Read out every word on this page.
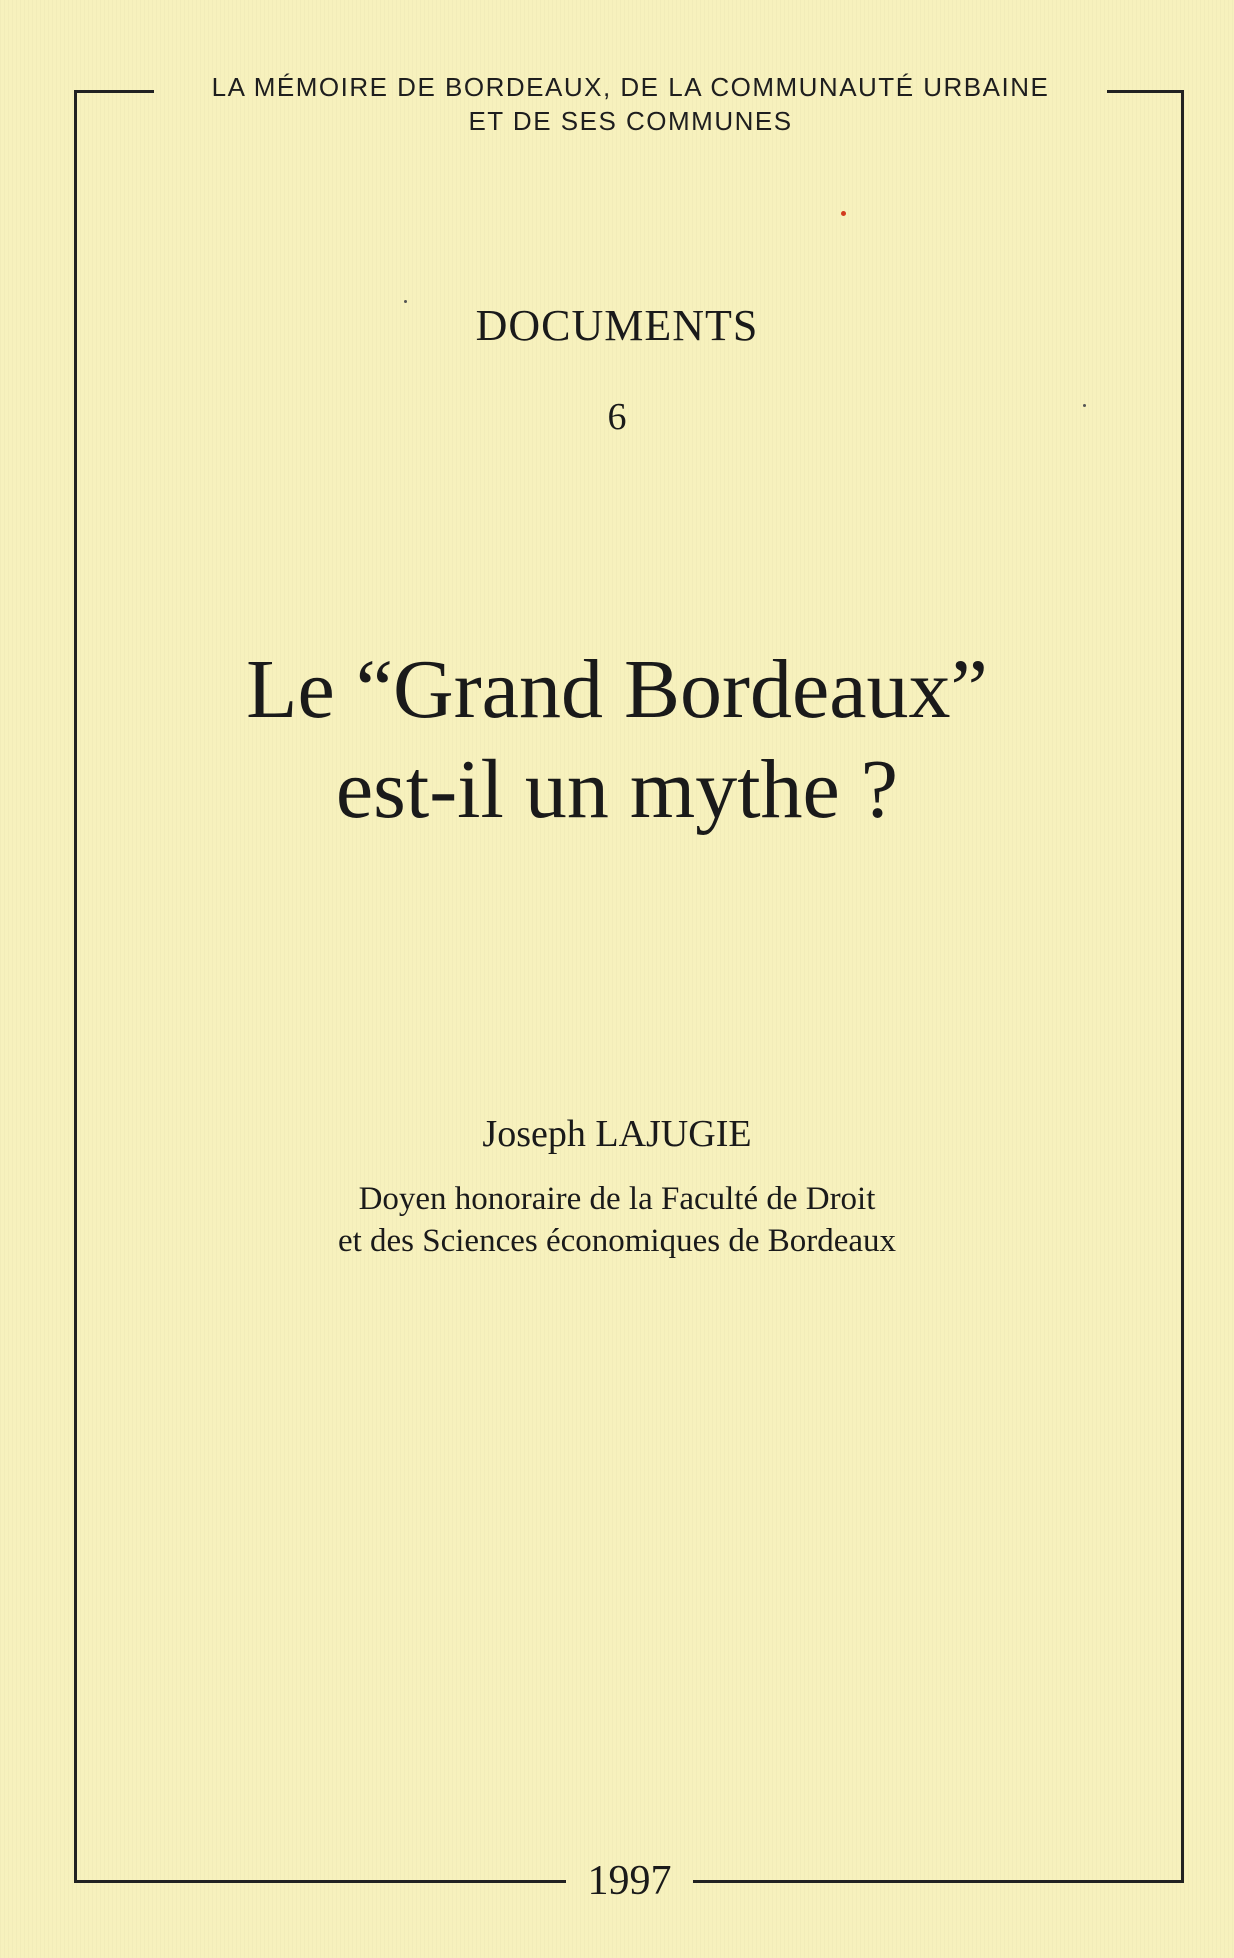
LA MÉMOIRE DE BORDEAUX, DE LA COMMUNAUTÉ URBAINE
ET DE SES COMMUNES
DOCUMENTS
6
Le “Grand Bordeaux”
est-il un mythe ?
Joseph LAJUGIE
Doyen honoraire de la Faculté de Droit
et des Sciences économiques de Bordeaux
1997
